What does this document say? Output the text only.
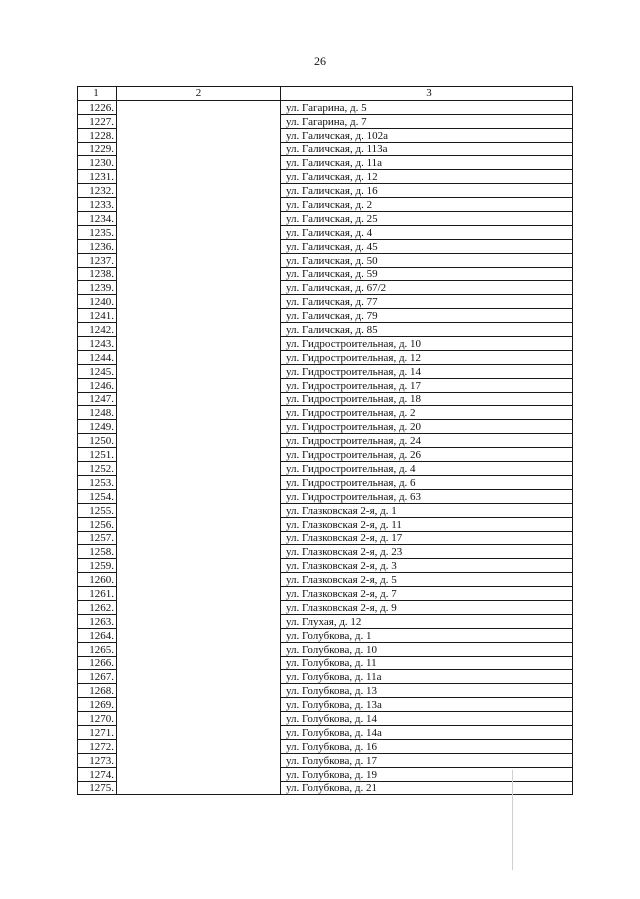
26
1	2	3
1226.		ул. Гагарина, д. 5
1227.		ул. Гагарина, д. 7
1228.		ул. Галичская, д. 102а
1229.		ул. Галичская, д. 113а
1230.		ул. Галичская, д. 11а
1231.		ул. Галичская, д. 12
1232.		ул. Галичская, д. 16
1233.		ул. Галичская, д. 2
1234.		ул. Галичская, д. 25
1235.		ул. Галичская, д. 4
1236.		ул. Галичская, д. 45
1237.		ул. Галичская, д. 50
1238.		ул. Галичская, д. 59
1239.		ул. Галичская, д. 67/2
1240.		ул. Галичская, д. 77
1241.		ул. Галичская, д. 79
1242.		ул. Галичская, д. 85
1243.		ул. Гидростроительная, д. 10
1244.		ул. Гидростроительная, д. 12
1245.		ул. Гидростроительная, д. 14
1246.		ул. Гидростроительная, д. 17
1247.		ул. Гидростроительная, д. 18
1248.		ул. Гидростроительная, д. 2
1249.		ул. Гидростроительная, д. 20
1250.		ул. Гидростроительная, д. 24
1251.		ул. Гидростроительная, д. 26
1252.		ул. Гидростроительная, д. 4
1253.		ул. Гидростроительная, д. 6
1254.		ул. Гидростроительная, д. 63
1255.		ул. Глазковская 2-я, д. 1
1256.		ул. Глазковская 2-я, д. 11
1257.		ул. Глазковская 2-я, д. 17
1258.		ул. Глазковская 2-я, д. 23
1259.		ул. Глазковская 2-я, д. 3
1260.		ул. Глазковская 2-я, д. 5
1261.		ул. Глазковская 2-я, д. 7
1262.		ул. Глазковская 2-я, д. 9
1263.		ул. Глухая, д. 12
1264.		ул. Голубкова, д. 1
1265.		ул. Голубкова, д. 10
1266.		ул. Голубкова, д. 11
1267.		ул. Голубкова, д. 11а
1268.		ул. Голубкова, д. 13
1269.		ул. Голубкова, д. 13а
1270.		ул. Голубкова, д. 14
1271.		ул. Голубкова, д. 14а
1272.		ул. Голубкова, д. 16
1273.		ул. Голубкова, д. 17
1274.		ул. Голубкова, д. 19
1275.		ул. Голубкова, д. 21
